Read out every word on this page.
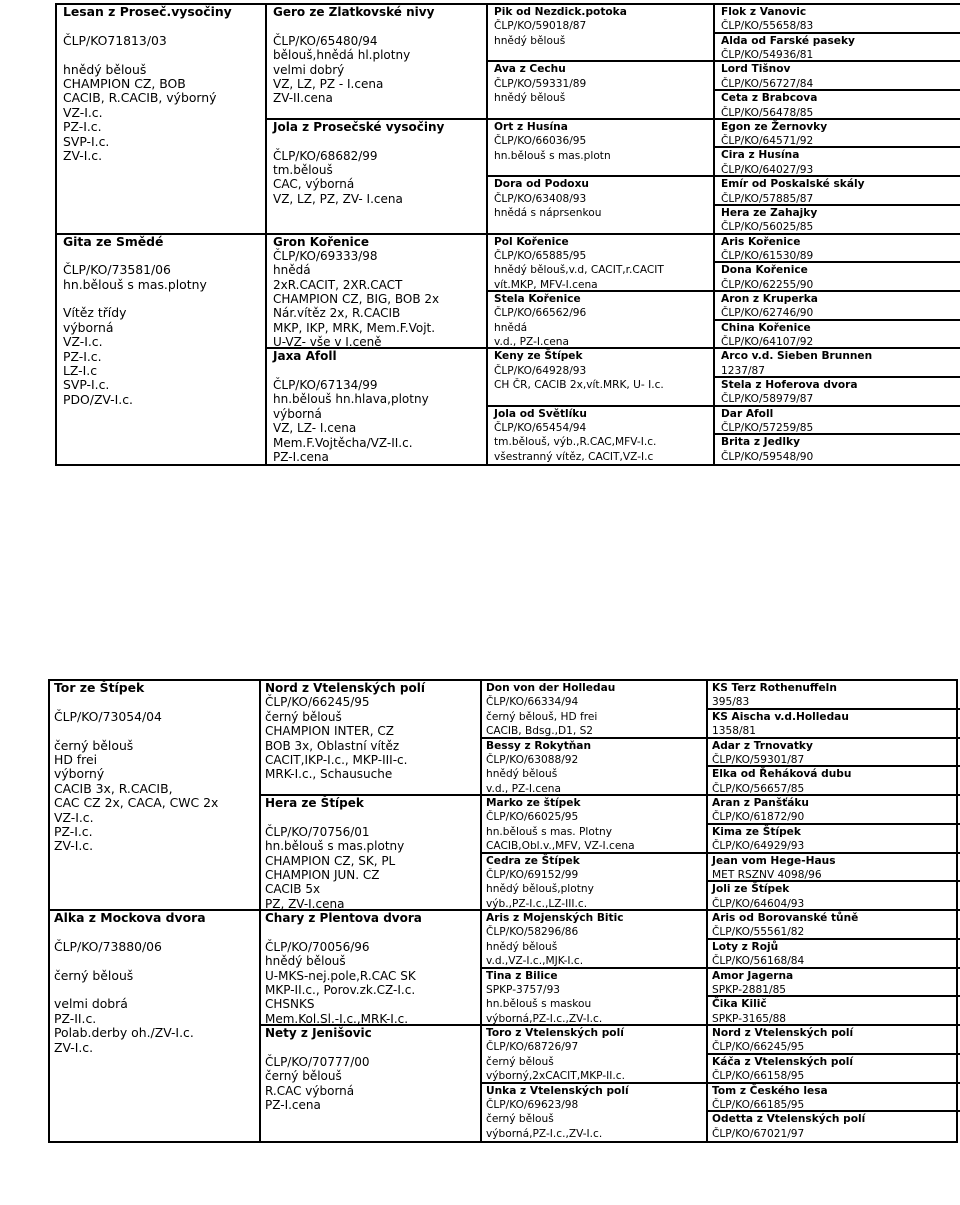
Lesan z Proseč.vysočiny
ČLP/KO71813/03
hnědý bělouš
CHAMPION CZ, BOB
CACIB, R.CACIB, výborný
VZ-I.c.
PZ-I.c.
SVP-I.c.
ZV-I.c.
Gita ze Smědé
ČLP/KO/73581/06
hn.bělouš s mas.plotny
Vítěz třídy
výborná
VZ-I.c.
PZ-I.c.
LZ-I.c
SVP-I.c.
PDO/ZV-I.c.
Gero ze Zlatkovské nivy
ČLP/KO/65480/94
bělouš,hnědá hl.plotny
velmi dobrý
VZ, LZ, PZ - I.cena
ZV-II.cena
Jola z Prosečské vysočiny
ČLP/KO/68682/99
tm.bělouš
CAC, výborná
VZ, LZ, PZ, ZV- I.cena
Gron Kořenice
ČLP/KO/69333/98
hnědá
2xR.CACIT, 2XR.CACT
CHAMPION CZ, BIG, BOB 2x
Nár.vítěz 2x, R.CACIB
MKP, IKP, MRK, Mem.F.Vojt.
U-VZ- vše v I.ceně
Jaxa Afoll
ČLP/KO/67134/99
hn.bělouš hn.hlava,plotny
výborná
VZ, LZ- I.cena
Mem.F.Vojtěcha/VZ-II.c.
PZ-I.cena
Pik od Nezdick.potoka
ČLP/KO/59018/87
hnědý bělouš
Ava z Cechu
ČLP/KO/59331/89
hnědý bělouš
Ort z Husína
ČLP/KO/66036/95
hn.bělouš s mas.plotn
Dora od Podoxu
ČLP/KO/63408/93
hnědá s náprsenkou
Pol Kořenice
ČLP/KO/65885/95
hnědý bělouš,v.d, CACIT,r.CACIT
vít.MKP, MFV-I.cena
Stela Kořenice
ČLP/KO/66562/96
hnědá
v.d., PZ-I.cena
Keny ze Štípek
ČLP/KO/64928/93
CH ČR, CACIB 2x,vít.MRK, U- I.c.
Jola od Světlíku
ČLP/KO/65454/94
tm.bělouš, výb.,R.CAC,MFV-I.c.
všestranný vítěz, CACIT,VZ-I.c
Flok z Vanovic
ČLP/KO/55658/83
Alda od Farské paseky
ČLP/KO/54936/81
Lord Tišnov
ČLP/KO/56727/84
Ceta z Brabcova
ČLP/KO/56478/85
Egon ze Žernovky
ČLP/KO/64571/92
Cira z Husína
ČLP/KO/64027/93
Emír od Poskalské skály
ČLP/KO/57885/87
Hera ze Zahajky
ČLP/KO/56025/85
Aris Kořenice
ČLP/KO/61530/89
Dona Kořenice
ČLP/KO/62255/90
Aron z Kruperka
ČLP/KO/62746/90
China Kořenice
ČLP/KO/64107/92
Arco v.d. Sieben Brunnen
1237/87
Stela z Hoferova dvora
ČLP/KO/58979/87
Dar Afoll
ČLP/KO/57259/85
Brita z Jedlky
ČLP/KO/59548/90
Tor ze Štípek
ČLP/KO/73054/04
černý bělouš
HD frei
výborný
CACIB 3x, R.CACIB,
CAC CZ 2x, CACA, CWC 2x
VZ-I.c.
PZ-I.c.
ZV-I.c.
Alka z Mockova dvora
ČLP/KO/73880/06
černý bělouš
velmi dobrá
PZ-II.c.
Polab.derby oh./ZV-I.c.
ZV-I.c.
Nord z Vtelenských polí
ČLP/KO/66245/95
černý bělouš
CHAMPION INTER, CZ
BOB 3x, Oblastní vítěz
CACIT,IKP-I.c., MKP-III-c.
MRK-I.c., Schausuche
Hera ze Štípek
ČLP/KO/70756/01
hn.bělouš s mas.plotny
CHAMPION CZ, SK, PL
CHAMPION JUN. CZ
CACIB 5x
PZ, ZV-I.cena
Chary z Plentova dvora
ČLP/KO/70056/96
hnědý bělouš
U-MKS-nej.pole,R.CAC SK
MKP-II.c., Porov.zk.CZ-I.c.
CHSNKS
Mem.Kol.Sl.-I.c.,MRK-I.c.
Nety z Jenišovic
ČLP/KO/70777/00
černý bělouš
R.CAC výborná
PZ-I.cena
Don von der Holledau
ČLP/KO/66334/94
černý bělouš, HD frei
CACIB, Bdsg.,D1, S2
Bessy z Rokytňan
ČLP/KO/63088/92
hnědý bělouš
v.d., PZ-I.cena
Marko ze štípek
ČLP/KO/66025/95
hn.bělouš s mas. Plotny
CACIB,Obl.v.,MFV, VZ-I.cena
Cedra ze Štípek
ČLP/KO/69152/99
hnědý bělouš,plotny
výb.,PZ-I.c.,LZ-III.c.
Aris z Mojenských Bitic
ČLP/KO/58296/86
hnědý bělouš
v.d.,VZ-I.c.,MJK-I.c.
Tina z Bilice
SPKP-3757/93
hn.bělouš s maskou
výborná,PZ-I.c.,ZV-I.c.
Toro z Vtelenských polí
ČLP/KO/68726/97
černý bělouš
výborný,2xCACIT,MKP-II.c.
Unka z Vtelenských polí
ČLP/KO/69623/98
černý bělouš
výborná,PZ-I.c.,ZV-I.c.
KS Terz Rothenuffeln
395/83
KS Aischa v.d.Holledau
1358/81
Adar z Trnovatky
ČLP/KO/59301/87
Elka od Řeháková dubu
ČLP/KO/56657/85
Aran z Panšťáku
ČLP/KO/61872/90
Kima ze Štípek
ČLP/KO/64929/93
Jean vom Hege-Haus
MET RSZNV 4098/96
Joli ze Štípek
ČLP/KO/64604/93
Aris od Borovanské tůně
ČLP/KO/55561/82
Loty z Rojů
ČLP/KO/56168/84
Amor Jagerna
SPKP-2881/85
Čika Kilič
SPKP-3165/88
Nord z Vtelenských polí
ČLP/KO/66245/95
Káča z Vtelenských polí
ČLP/KO/66158/95
Tom z Českého lesa
ČLP/KO/66185/95
Odetta z Vtelenských polí
ČLP/KO/67021/97
